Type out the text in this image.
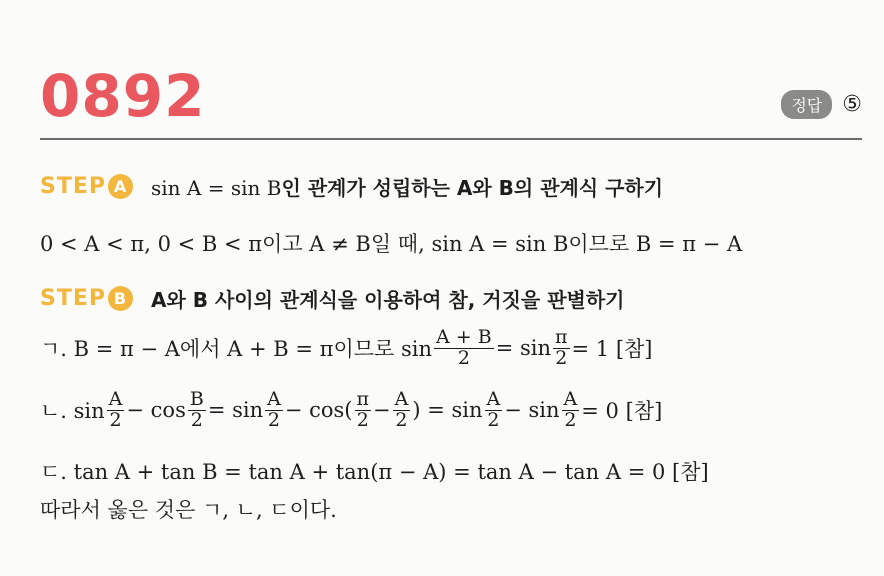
0892	정답 ⑤
STEP A sin A = sin B인 관계가 성립하는 A와 B의 관계식 구하기
0 < A < π, 0 < B < π이고 A ≠ B일 때, sin A = sin B이므로 B = π − A
STEP B A와 B 사이의 관계식을 이용하여 참, 거짓을 판별하기
ㄱ. B = π − A에서 A + B = π이므로 $\sin \frac{A + B}{2} = \sin \frac{\pi}{2} = 1$ [참]
ㄴ. $\sin \frac{A}{2} - \cos \frac{B}{2} = \sin \frac{A}{2} - \cos( \frac{\pi}{2} - \frac{A}{2}$ ) = $\sin \frac{A}{2} - \sin \frac{A}{2} = 0$ [참]
ㄷ. tan A + tan B = tan A + tan(π − A) = tan A − tan A = 0 [참]
따라서 옳은 것은 ㄱ, ㄴ, ㄷ이다.
